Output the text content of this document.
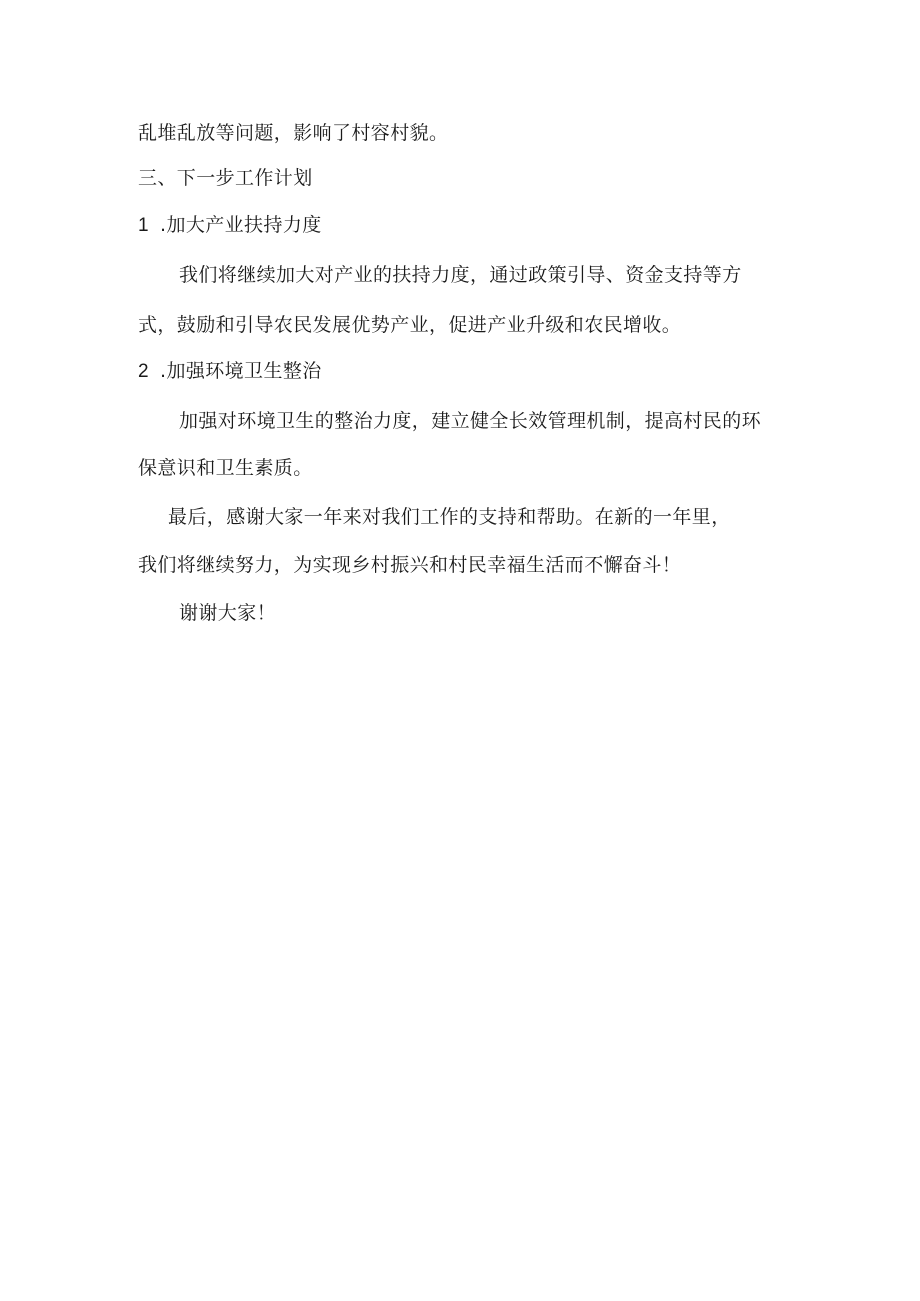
乱堆乱放等问题，影响了村容村貌。
三、下一步工作计划
1 .加大产业扶持力度
我们将继续加大对产业的扶持力度，通过政策引导、资金支持等方
式，鼓励和引导农民发展优势产业，促进产业升级和农民增收。
2 .加强环境卫生整治
加强对环境卫生的整治力度，建立健全长效管理机制，提高村民的环
保意识和卫生素质。
最后，感谢大家一年来对我们工作的支持和帮助。在新的一年里，
我们将继续努力，为实现乡村振兴和村民幸福生活而不懈奋斗！
谢谢大家！
